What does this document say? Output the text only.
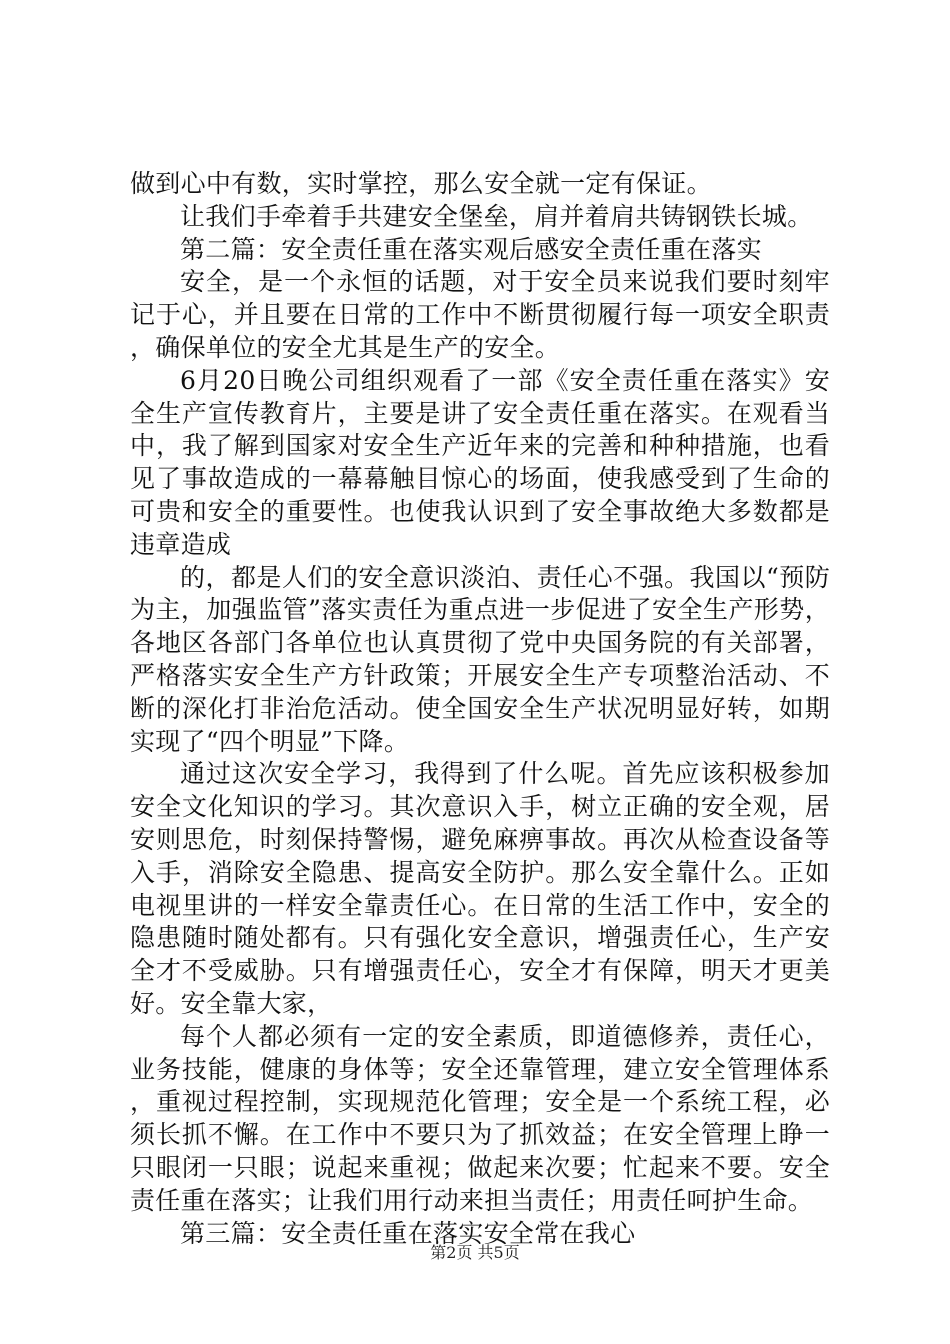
做到心中有数，实时掌控，那么安全就一定有保证。

让我们手牵着手共建安全堡垒，肩并着肩共铸钢铁长城。

第二篇：安全责任重在落实观后感安全责任重在落实

安全，是一个永恒的话题，对于安全员来说我们要时刻牢记于心，并且要在日常的工作中不断贯彻履行每一项安全职责，确保单位的安全尤其是生产的安全。

6月20日晚公司组织观看了一部《安全责任重在落实》安全生产宣传教育片，主要是讲了安全责任重在落实。在观看当中，我了解到国家对安全生产近年来的完善和种种措施，也看见了事故造成的一幕幕触目惊心的场面，使我感受到了生命的可贵和安全的重要性。也使我认识到了安全事故绝大多数都是违章造成

的，都是人们的安全意识淡泊、责任心不强。我国以“预防为主，加强监管”落实责任为重点进一步促进了安全生产形势，各地区各部门各单位也认真贯彻了党中央国务院的有关部署，严格落实安全生产方针政策；开展安全生产专项整治活动、不断的深化打非治危活动。使全国安全生产状况明显好转，如期实现了“四个明显”下降。

通过这次安全学习，我得到了什么呢。首先应该积极参加安全文化知识的学习。其次意识入手，树立正确的安全观，居安则思危，时刻保持警惕，避免麻痹事故。再次从检查设备等入手，消除安全隐患、提高安全防护。那么安全靠什么。正如电视里讲的一样安全靠责任心。在日常的生活工作中，安全的隐患随时随处都有。只有强化安全意识，增强责任心，生产安全才不受威胁。只有增强责任心，安全才有保障，明天才更美好。安全靠大家，

每个人都必须有一定的安全素质，即道德修养，责任心，业务技能，健康的身体等；安全还靠管理，建立安全管理体系，重视过程控制，实现规范化管理；安全是一个系统工程，必须长抓不懈。在工作中不要只为了抓效益；在安全管理上睁一只眼闭一只眼；说起来重视；做起来次要；忙起来不要。安全责任重在落实；让我们用行动来担当责任；用责任呵护生命。

第三篇：安全责任重在落实安全常在我心

第2页 共5页
